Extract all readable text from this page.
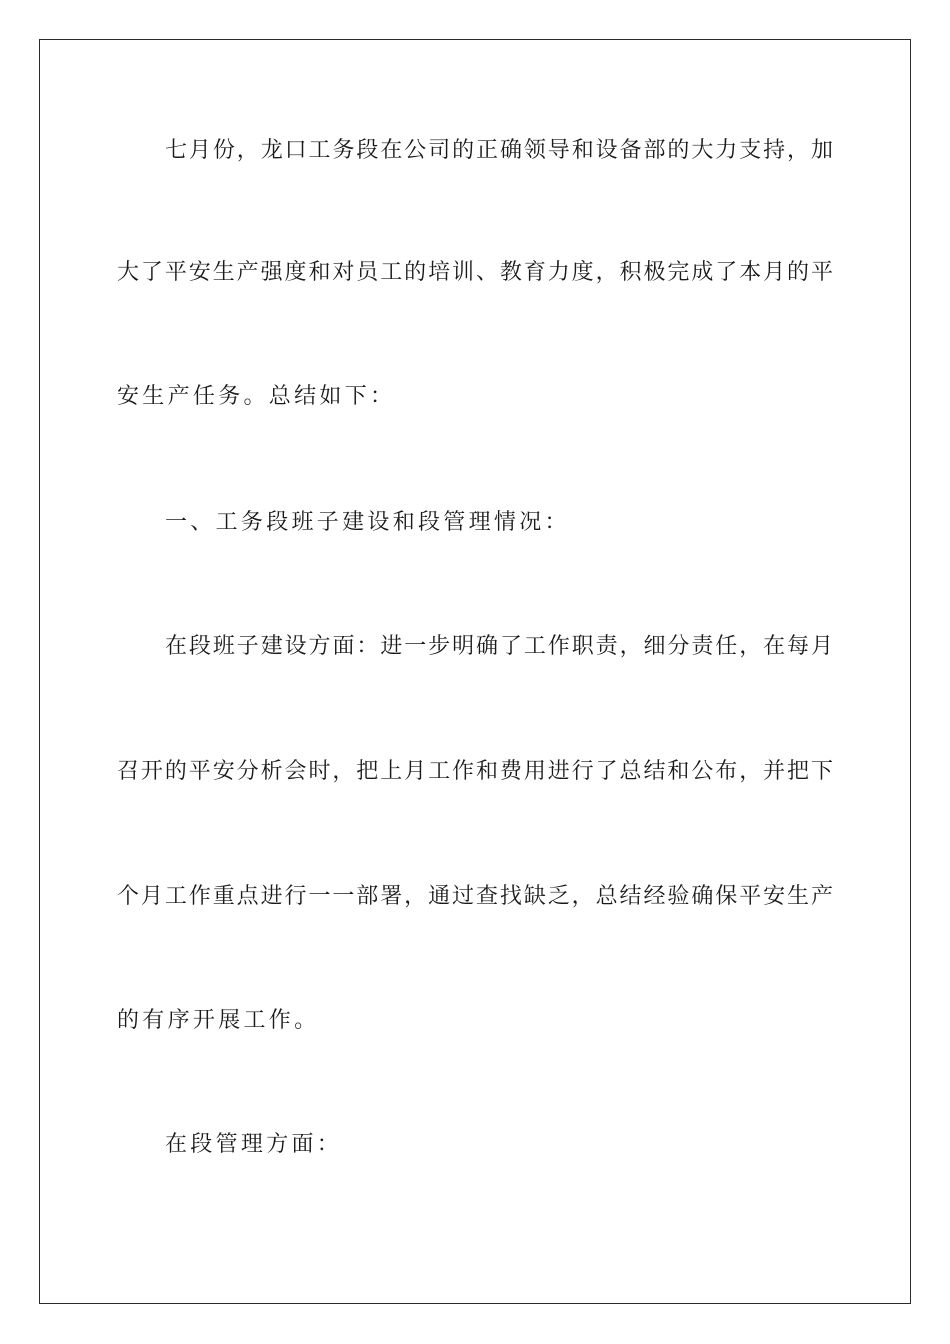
七月份，龙口工务段在公司的正确领导和设备部的大力支持，加
大了平安生产强度和对员工的培训、教育力度，积极完成了本月的平
安生产任务。总结如下：
一、工务段班子建设和段管理情况：
在段班子建设方面：进一步明确了工作职责，细分责任，在每月
召开的平安分析会时，把上月工作和费用进行了总结和公布，并把下
个月工作重点进行一一部署，通过查找缺乏，总结经验确保平安生产
的有序开展工作。
在段管理方面：
